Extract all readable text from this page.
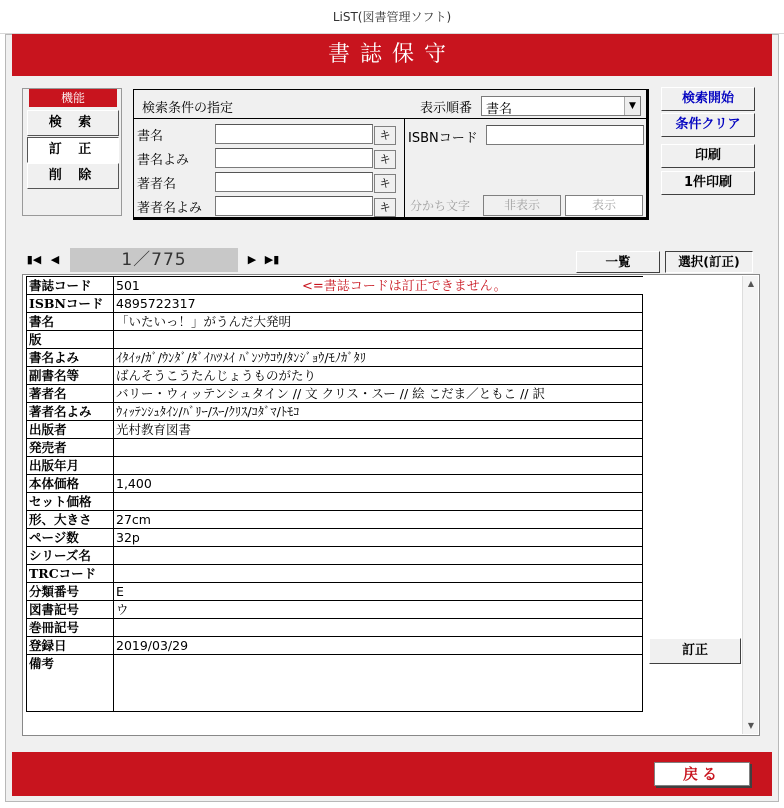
LiST(図書管理ソフト)
書誌保守
機能
検 索
訂 正
削 除
検索条件の指定	表示順番 書名	▼
書名	キ
書名よみ	キ
著者名	キ
著者名よみ	キ
ISBNコード
分かち文字	非表示	表示
検索開始
条件クリア
印刷
1件印刷
▮◀ ◀	1／775	▶ ▶▮	一覧	選択(訂正)
書誌コード	501
ISBNコード	4895722317
書名	「いたいっ！」がうんだ大発明
版	
書名よみ	ｲﾀｲｯ/ｶﾞ/ｳﾝﾀﾞ/ﾀﾞｲﾊﾂﾒｲ ﾊﾞﾝｿｳｺｳ/ﾀﾝｼﾞｮｳ/ﾓﾉｶﾞﾀﾘ
副書名等	ばんそうこうたんじょうものがたり
著者名	バリー・ウィッテンシュタイン // 文 クリス・スー // 絵 こだま／ともこ // 訳
著者名よみ	ｳｨｯﾃﾝｼｭﾀｲﾝ/ﾊﾞﾘｰ/ｽｰ/ｸﾘｽ/ｺﾀﾞﾏ/ﾄﾓｺ
出版者	光村教育図書
発売者	
出版年月	
本体価格	1,400
セット価格	
形、大きさ	27cm
ページ数	32p
シリーズ名	
TRCコード	
分類番号	E
図書記号	ウ
巻冊記号	
登録日	2019/03/29
備考	
<=書誌コードは訂正できません。	▲
▼
訂正
戻る
